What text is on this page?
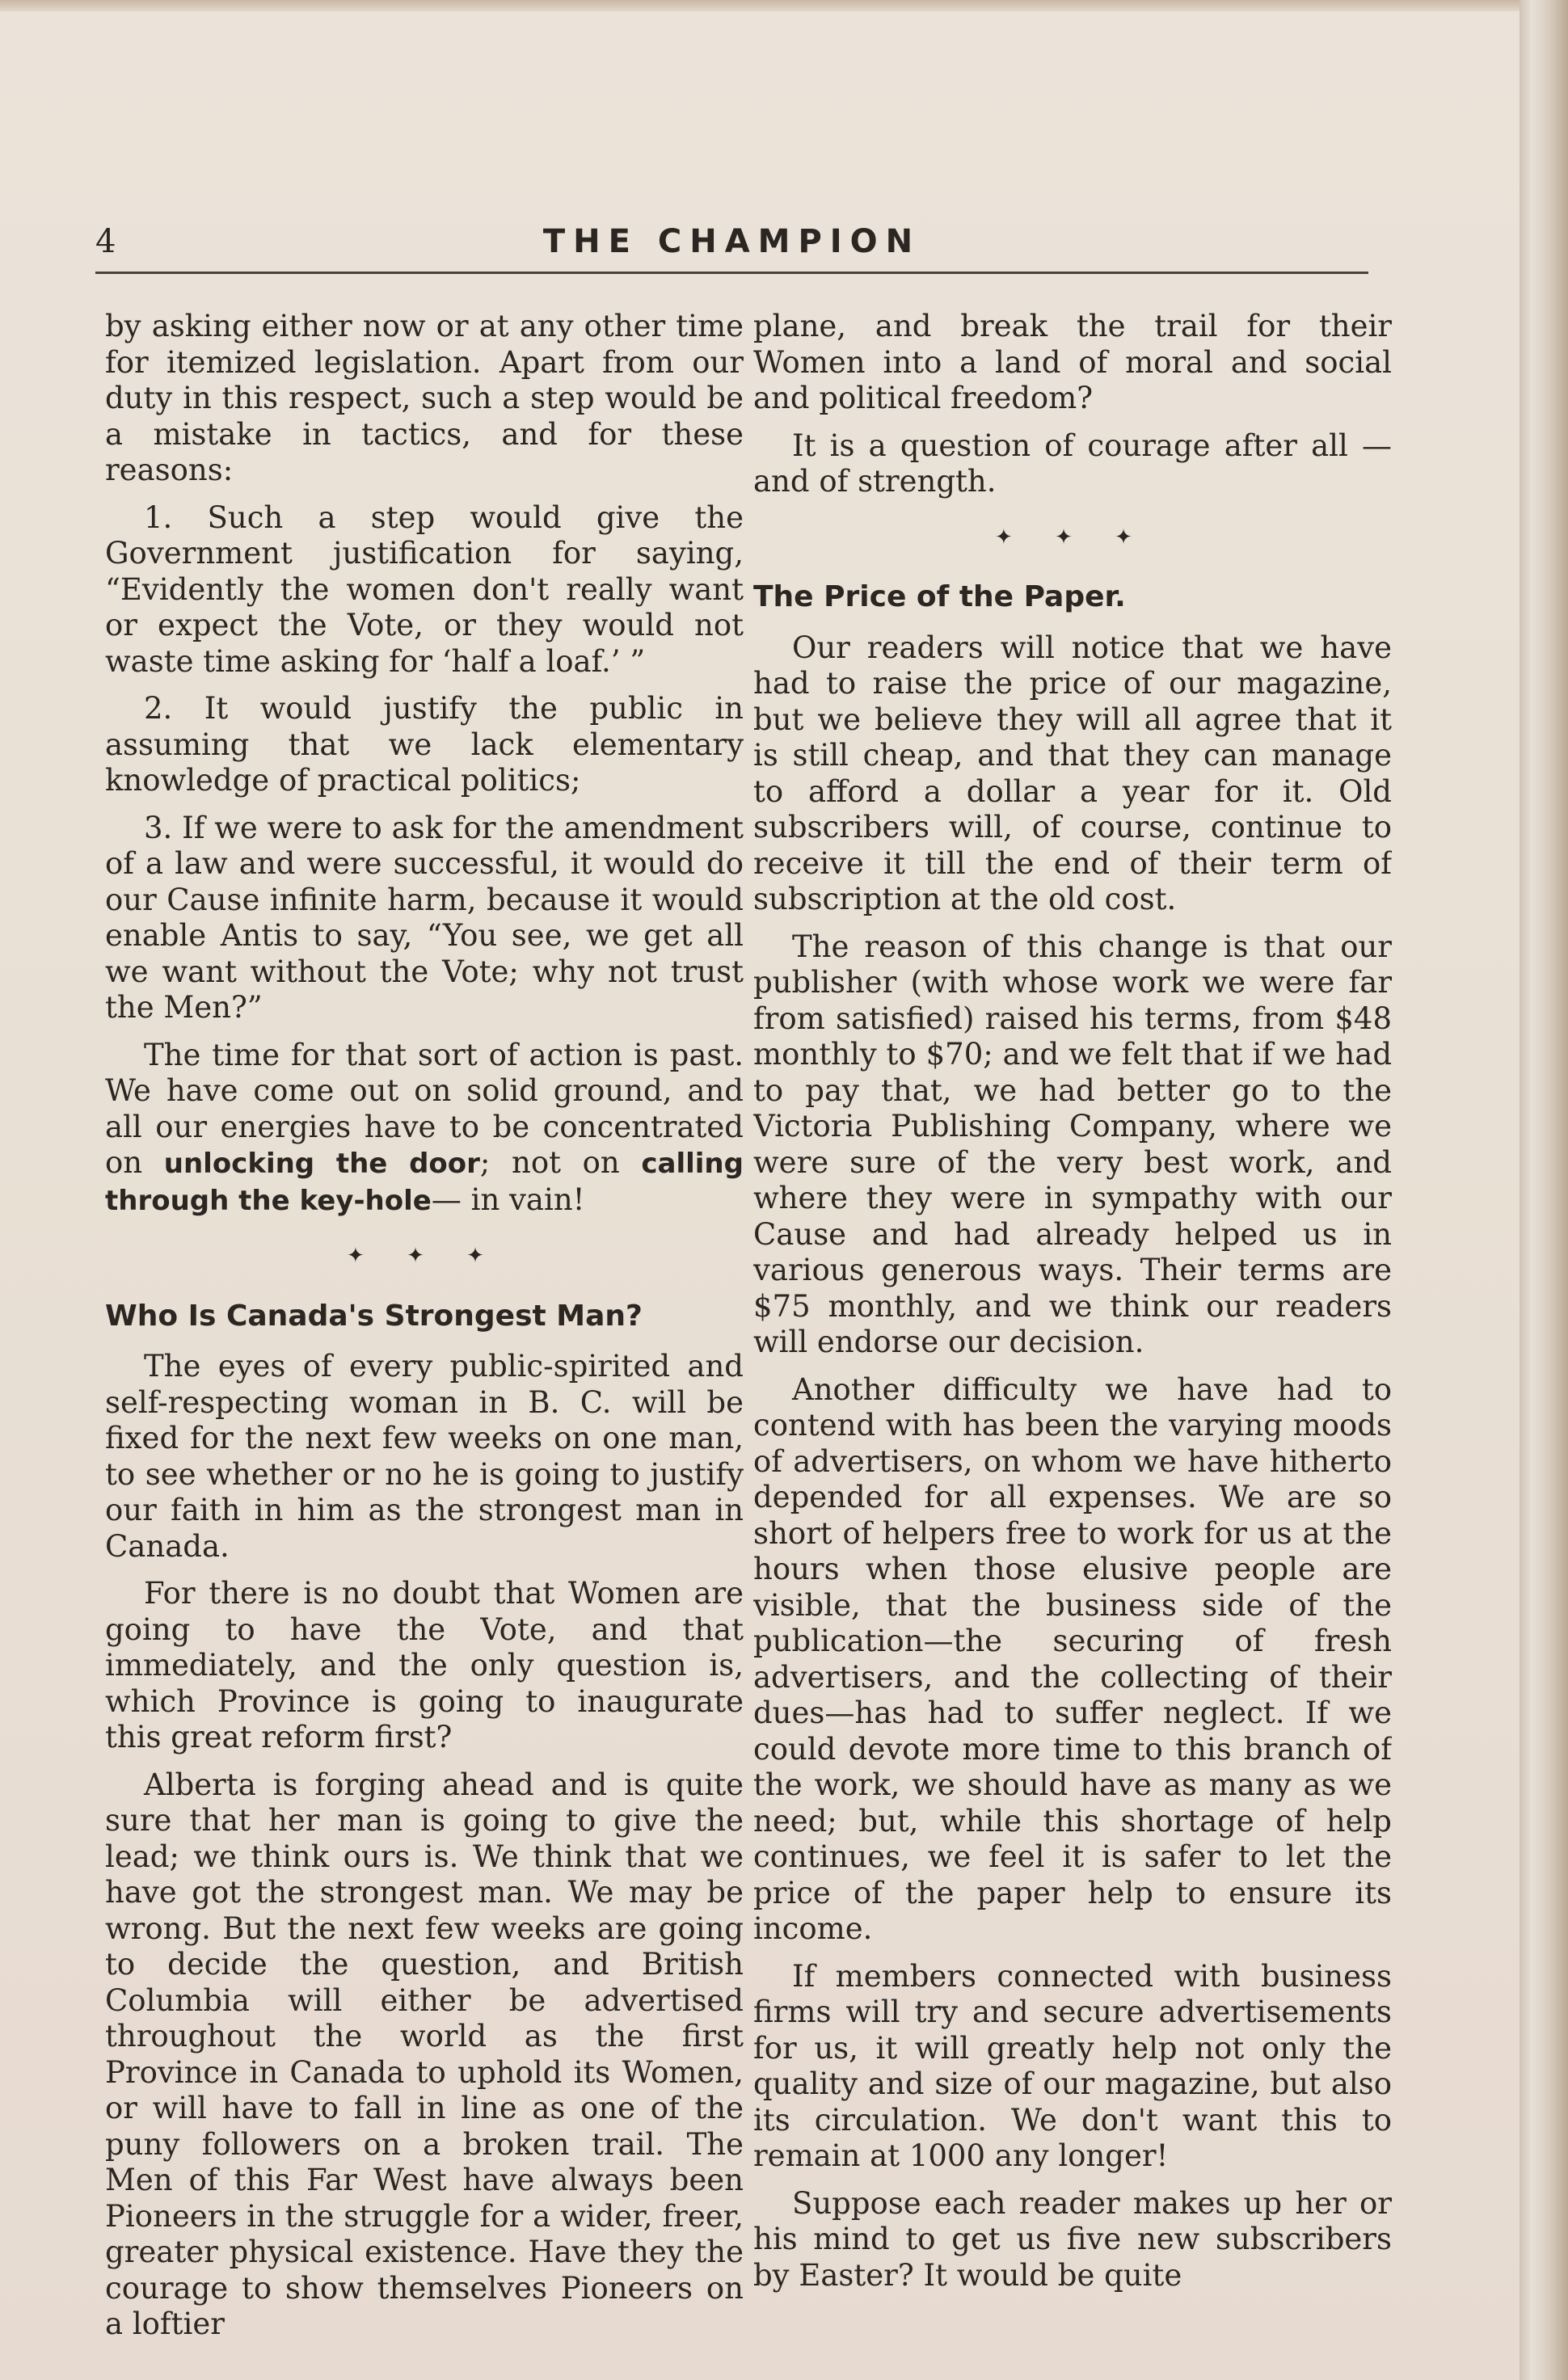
4	THE CHAMPION

by asking either now or at any other time for itemized legislation. Apart from our duty in this respect, such a step would be a mistake in tactics, and for these reasons:

1. Such a step would give the Government justification for saying, “Evidently the women don't really want or expect the Vote, or they would not waste time asking for ‘half a loaf.’ ”

2. It would justify the public in assuming that we lack elementary knowledge of practical politics;

3. If we were to ask for the amendment of a law and were successful, it would do our Cause infinite harm, because it would enable Antis to say, “You see, we get all we want without the Vote; why not trust the Men?”

The time for that sort of action is past. We have come out on solid ground, and all our energies have to be concentrated on unlocking the door; not on calling through the key-hole— in vain!

✦ ✦ ✦
Who Is Canada's Strongest Man?

The eyes of every public-spirited and self-respecting woman in B. C. will be fixed for the next few weeks on one man, to see whether or no he is going to justify our faith in him as the strongest man in Canada.

For there is no doubt that Women are going to have the Vote, and that immediately, and the only question is, which Province is going to inaugurate this great reform first?

Alberta is forging ahead and is quite sure that her man is going to give the lead; we think ours is. We think that we have got the strongest man. We may be wrong. But the next few weeks are going to decide the question, and British Columbia will either be advertised throughout the world as the first Province in Canada to uphold its Women, or will have to fall in line as one of the puny followers on a broken trail. The Men of this Far West have always been Pioneers in the struggle for a wider, freer, greater physical existence. Have they the courage to show themselves Pioneers on a loftier

plane, and break the trail for their Women into a land of moral and social and political freedom?

It is a question of courage after all —and of strength.

✦ ✦ ✦
The Price of the Paper.

Our readers will notice that we have had to raise the price of our magazine, but we believe they will all agree that it is still cheap, and that they can manage to afford a dollar a year for it. Old subscribers will, of course, continue to receive it till the end of their term of subscription at the old cost.

The reason of this change is that our publisher (with whose work we were far from satisfied) raised his terms, from $48 monthly to $70; and we felt that if we had to pay that, we had better go to the Victoria Publishing Company, where we were sure of the very best work, and where they were in sympathy with our Cause and had already helped us in various generous ways. Their terms are $75 monthly, and we think our readers will endorse our decision.

Another difficulty we have had to contend with has been the varying moods of advertisers, on whom we have hitherto depended for all expenses. We are so short of helpers free to work for us at the hours when those elusive people are visible, that the business side of the publication—the securing of fresh advertisers, and the collecting of their dues—has had to suffer neglect. If we could devote more time to this branch of the work, we should have as many as we need; but, while this shortage of help continues, we feel it is safer to let the price of the paper help to ensure its income.

If members connected with business firms will try and secure advertisements for us, it will greatly help not only the quality and size of our magazine, but also its circulation. We don't want this to remain at 1000 any longer!

Suppose each reader makes up her or his mind to get us five new subscribers by Easter? It would be quite
